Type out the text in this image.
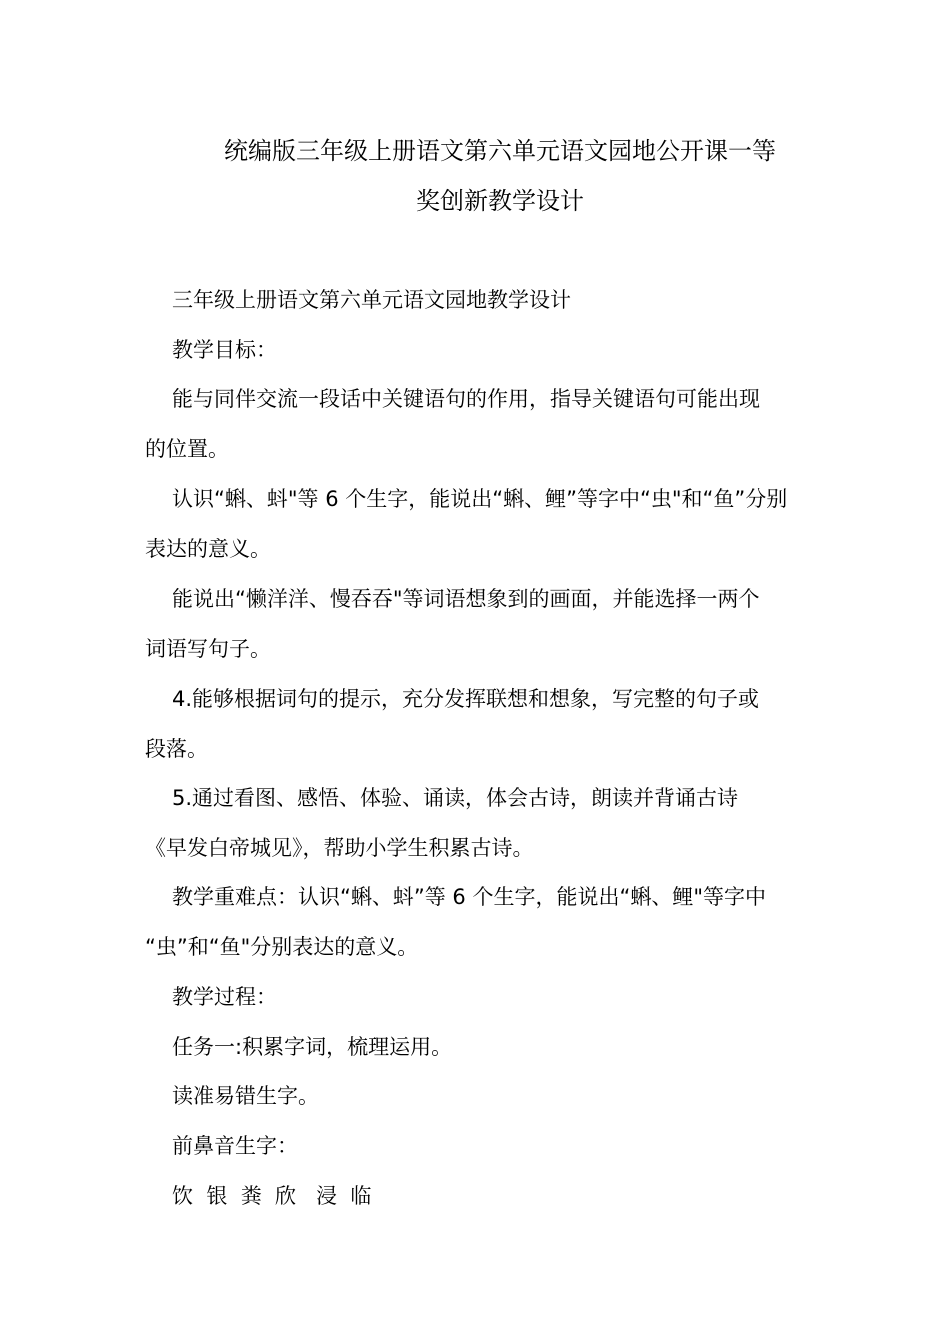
统编版三年级上册语文第六单元语文园地公开课一等
奖创新教学设计
三年级上册语文第六单元语文园地教学设计
教学目标：
能与同伴交流一段话中关键语句的作用，指导关键语句可能出现
的位置。
认识“蝌、蚪"等 6 个生字，能说出“蝌、鲤”等字中“虫"和“鱼”分别
表达的意义。
能说出“懒洋洋、慢吞吞"等词语想象到的画面，并能选择一两个
词语写句子。
4.能够根据词句的提示，充分发挥联想和想象，写完整的句子或
段落。
5.通过看图、感悟、体验、诵读，体会古诗，朗读并背诵古诗
《早发白帝城见》，帮助小学生积累古诗。
教学重难点：认识“蝌、蚪”等 6 个生字，能说出“蝌、鲤"等字中
“虫”和“鱼"分别表达的意义。
教学过程：
任务一:积累字词，梳理运用。
读准易错生字。
前鼻音生字：
饮  银  粪  欣   浸  临
